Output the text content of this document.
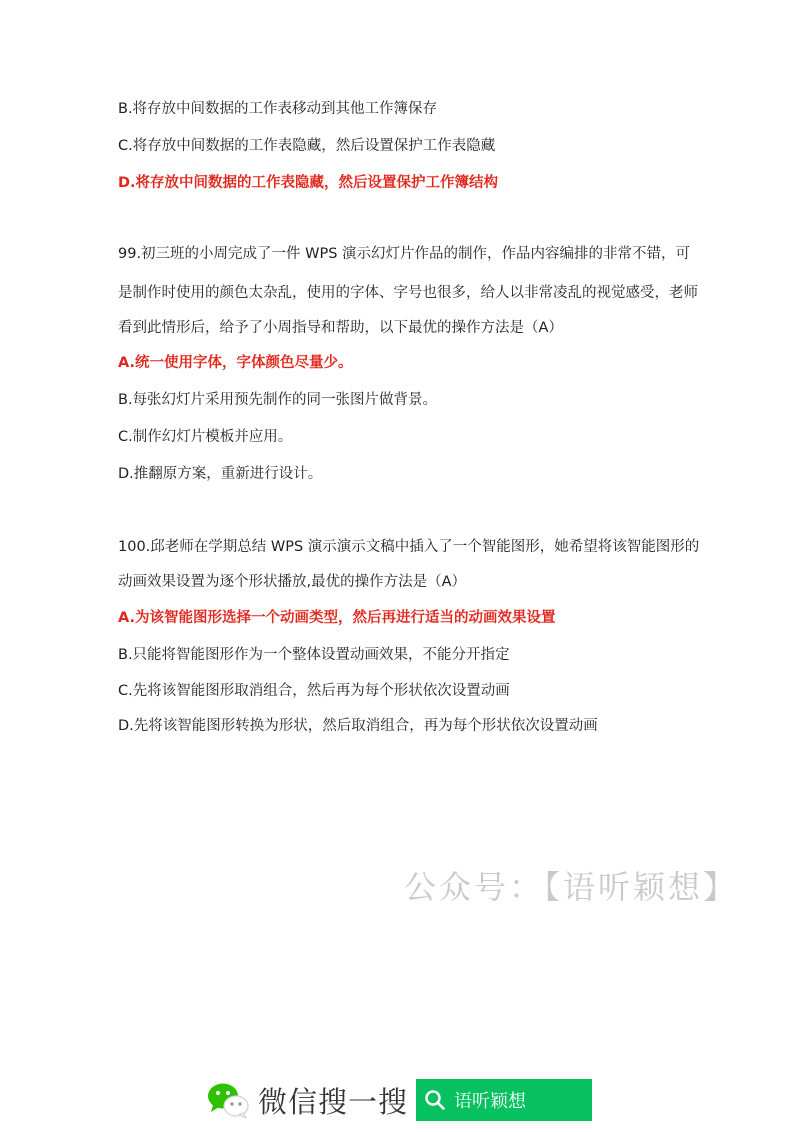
B.将存放中间数据的工作表移动到其他工作簿保存
C.将存放中间数据的工作表隐藏，然后设置保护工作表隐藏
D.将存放中间数据的工作表隐藏，然后设置保护工作簿结构
99.初三班的小周完成了一件 WPS 演示幻灯片作品的制作，作品内容编排的非常不错，可
是制作时使用的颜色太杂乱，使用的字体、字号也很多，给人以非常凌乱的视觉感受，老师
看到此情形后，给予了小周指导和帮助，以下最优的操作方法是（A）
A.统一使用字体，字体颜色尽量少。
B.每张幻灯片采用预先制作的同一张图片做背景。
C.制作幻灯片模板并应用。
D.推翻原方案，重新进行设计。
100.邱老师在学期总结 WPS 演示演示文稿中插入了一个智能图形，她希望将该智能图形的
动画效果设置为逐个形状播放,最优的操作方法是（A）
A.为该智能图形选择一个动画类型，然后再进行适当的动画效果设置
B.只能将智能图形作为一个整体设置动画效果，不能分开指定
C.先将该智能图形取消组合，然后再为每个形状依次设置动画
D.先将该智能图形转换为形状，然后取消组合，再为每个形状依次设置动画
公众号：【语听颖想】
微信搜一搜	语听颖想
